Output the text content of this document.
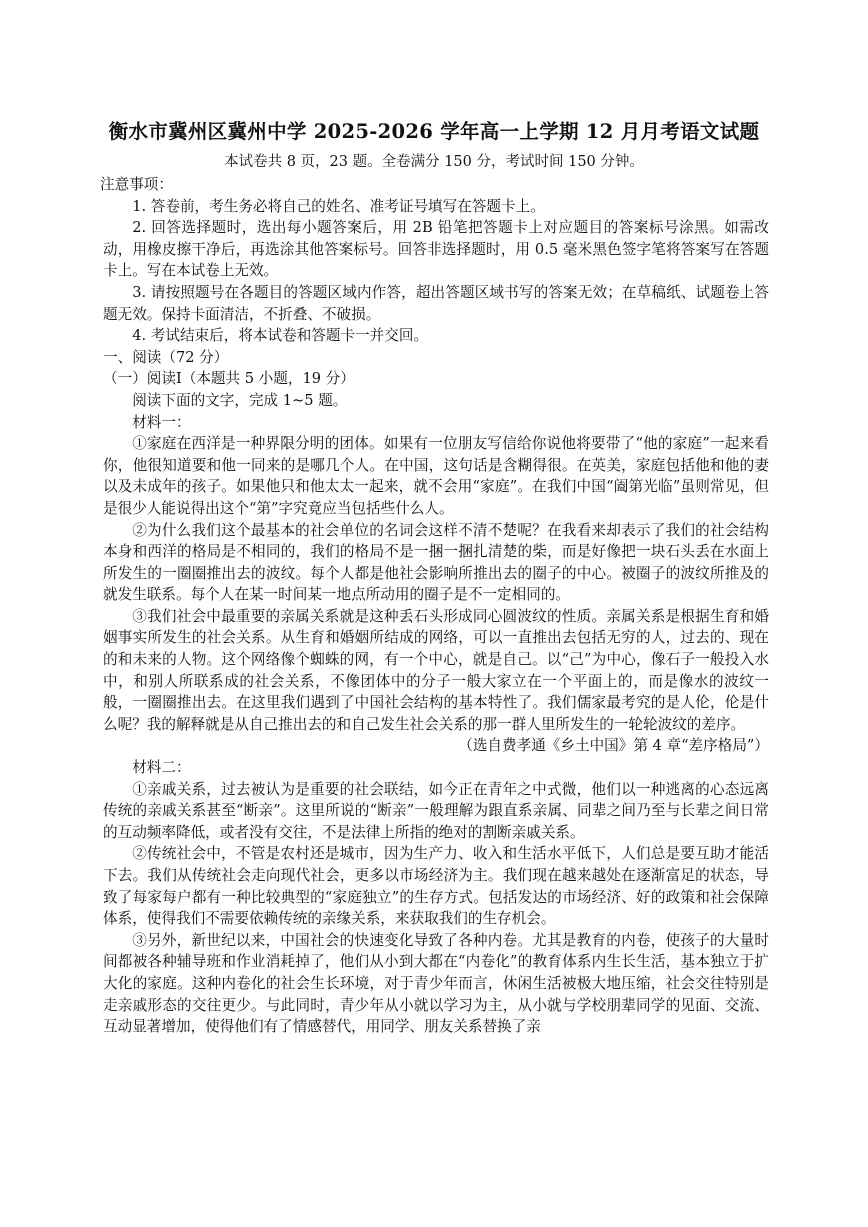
衡水市冀州区冀州中学 2025-2026 学年高一上学期 12 月月考语文试题
本试卷共 8 页，23 题。全卷满分 150 分，考试时间 150 分钟。

注意事项：

1. 答卷前，考生务必将自己的姓名、准考证号填写在答题卡上。

2. 回答选择题时，选出每小题答案后，用 2B 铅笔把答题卡上对应题目的答案标号涂黑。如需改动，用橡皮擦干净后，再选涂其他答案标号。回答非选择题时，用 0.5 毫米黑色签字笔将答案写在答题卡上。写在本试卷上无效。

3. 请按照题号在各题目的答题区域内作答，超出答题区域书写的答案无效；在草稿纸、试题卷上答题无效。保持卡面清洁，不折叠、不破损。

4. 考试结束后，将本试卷和答题卡一并交回。

一、阅读（72 分）

（一）阅读Ⅰ（本题共 5 小题，19 分）

阅读下面的文字，完成 1~5 题。

材料一：

①家庭在西洋是一种界限分明的团体。如果有一位朋友写信给你说他将要带了“他的家庭”一起来看你，他很知道要和他一同来的是哪几个人。在中国，这句话是含糊得很。在英美，家庭包括他和他的妻以及未成年的孩子。如果他只和他太太一起来，就不会用“家庭”。在我们中国“阖第光临”虽则常见，但是很少人能说得出这个“第”字究竟应当包括些什么人。

②为什么我们这个最基本的社会单位的名词会这样不清不楚呢？在我看来却表示了我们的社会结构本身和西洋的格局是不相同的，我们的格局不是一捆一捆扎清楚的柴，而是好像把一块石头丢在水面上所发生的一圈圈推出去的波纹。每个人都是他社会影响所推出去的圈子的中心。被圈子的波纹所推及的就发生联系。每个人在某一时间某一地点所动用的圈子是不一定相同的。

③我们社会中最重要的亲属关系就是这种丢石头形成同心圆波纹的性质。亲属关系是根据生育和婚姻事实所发生的社会关系。从生育和婚姻所结成的网络，可以一直推出去包括无穷的人，过去的、现在的和未来的人物。这个网络像个蜘蛛的网，有一个中心，就是自己。以“己”为中心，像石子一般投入水中，和别人所联系成的社会关系，不像团体中的分子一般大家立在一个平面上的，而是像水的波纹一般，一圈圈推出去。在这里我们遇到了中国社会结构的基本特性了。我们儒家最考究的是人伦，伦是什么呢？我的解释就是从自己推出去的和自己发生社会关系的那一群人里所发生的一轮轮波纹的差序。

（选自费孝通《乡土中国》第 4 章“差序格局”）

材料二：

①亲戚关系，过去被认为是重要的社会联结，如今正在青年之中式微，他们以一种逃离的心态远离传统的亲戚关系甚至“断亲”。这里所说的“断亲”一般理解为跟直系亲属、同辈之间乃至与长辈之间日常的互动频率降低，或者没有交往，不是法律上所指的绝对的割断亲戚关系。

②传统社会中，不管是农村还是城市，因为生产力、收入和生活水平低下，人们总是要互助才能活下去。我们从传统社会走向现代社会，更多以市场经济为主。我们现在越来越处在逐渐富足的状态，导致了每家每户都有一种比较典型的“家庭独立”的生存方式。包括发达的市场经济、好的政策和社会保障体系，使得我们不需要依赖传统的亲缘关系，来获取我们的生存机会。

③另外，新世纪以来，中国社会的快速变化导致了各种内卷。尤其是教育的内卷，使孩子的大量时间都被各种辅导班和作业消耗掉了，他们从小到大都在“内卷化”的教育体系内生长生活，基本独立于扩大化的家庭。这种内卷化的社会生长环境，对于青少年而言，休闲生活被极大地压缩，社会交往特别是走亲戚形态的交往更少。与此同时，青少年从小就以学习为主，从小就与学校朋辈同学的见面、交流、互动显著增加，使得他们有了情感替代，用同学、朋友关系替换了亲
